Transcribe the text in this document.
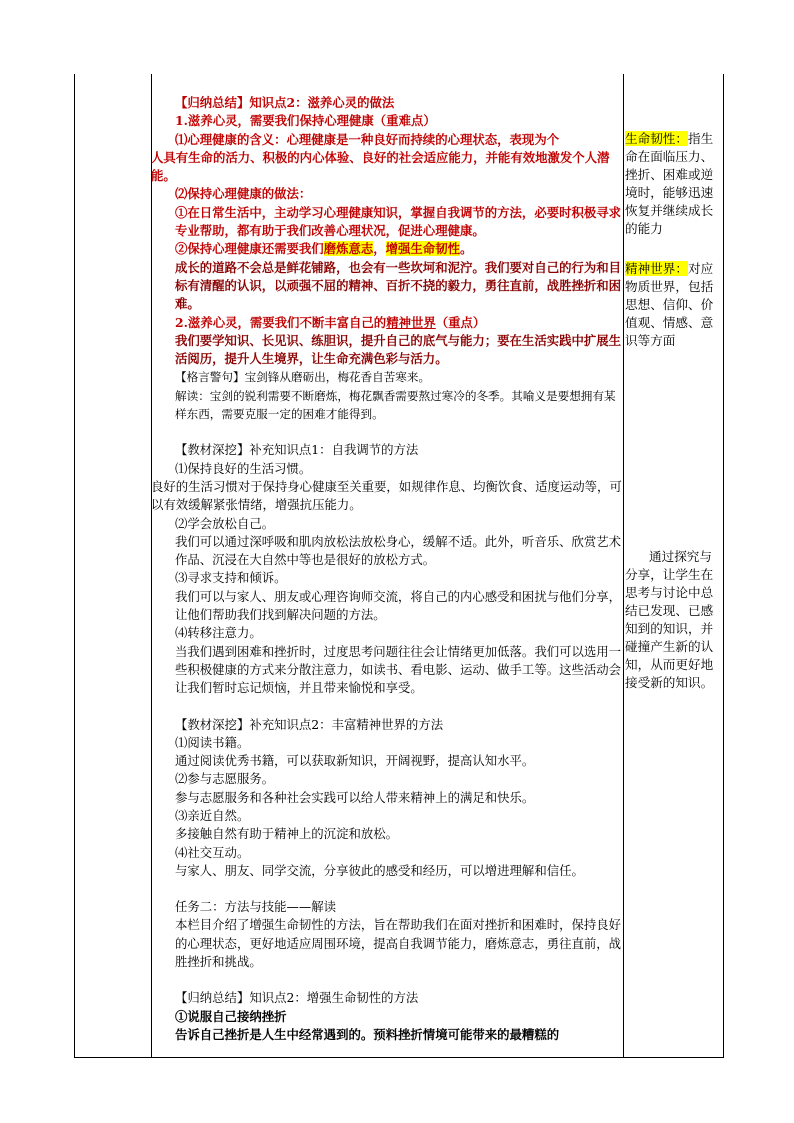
【归纳总结】知识点2：滋养心灵的做法

1.滋养心灵，需要我们保持心理健康（重难点）

⑴心理健康的含义：心理健康是一种良好而持续的心理状态，表现为个

人具有生命的活力、积极的内心体验、良好的社会适应能力，并能有效地激发个人潜能。

⑵保持心理健康的做法：

①在日常生活中，主动学习心理健康知识，掌握自我调节的方法，必要时积极寻求专业帮助，都有助于我们改善心理状况，促进心理健康。

②保持心理健康还需要我们磨炼意志，增强生命韧性。

成长的道路不会总是鲜花铺路，也会有一些坎坷和泥泞。我们要对自己的行为和目标有清醒的认识，以顽强不屈的精神、百折不挠的毅力，勇往直前，战胜挫折和困难。

2.滋养心灵，需要我们不断丰富自己的精神世界（重点）

我们要学知识、长见识、练胆识，提升自己的底气与能力；要在生活实践中扩展生活阅历，提升人生境界，让生命充满色彩与活力。

【格言警句】宝剑锋从磨砺出，梅花香自苦寒来。

解读：宝剑的锐利需要不断磨炼，梅花飘香需要熬过寒冷的冬季。其喻义是要想拥有某样东西，需要克服一定的困难才能得到。

【教材深挖】补充知识点1：自我调节的方法

⑴保持良好的生活习惯。

良好的生活习惯对于保持身心健康至关重要，如规律作息、均衡饮食、适度运动等，可以有效缓解紧张情绪，增强抗压能力。

⑵学会放松自己。

我们可以通过深呼吸和肌肉放松法放松身心，缓解不适。此外，听音乐、欣赏艺术作品、沉浸在大自然中等也是很好的放松方式。

⑶寻求支持和倾诉。

我们可以与家人、朋友或心理咨询师交流，将自己的内心感受和困扰与他们分享，让他们帮助我们找到解决问题的方法。

⑷转移注意力。

当我们遇到困难和挫折时，过度思考问题往往会让情绪更加低落。我们可以选用一些积极健康的方式来分散注意力，如读书、看电影、运动、做手工等。这些活动会让我们暂时忘记烦恼，并且带来愉悦和享受。

【教材深挖】补充知识点2：丰富精神世界的方法

⑴阅读书籍。

通过阅读优秀书籍，可以获取新知识，开阔视野，提高认知水平。

⑵参与志愿服务。

参与志愿服务和各种社会实践可以给人带来精神上的满足和快乐。

⑶亲近自然。

多接触自然有助于精神上的沉淀和放松。

⑷社交互动。

与家人、朋友、同学交流，分享彼此的感受和经历，可以增进理解和信任。

任务二：方法与技能——解读

本栏目介绍了增强生命韧性的方法，旨在帮助我们在面对挫折和困难时，保持良好的心理状态，更好地适应周围环境，提高自我调节能力，磨炼意志，勇往直前，战胜挫折和挑战。

【归纳总结】知识点2：增强生命韧性的方法

①说服自己接纳挫折

告诉自己挫折是人生中经常遇到的。预料挫折情境可能带来的最糟糕的

生命韧性：指生命在面临压力、挫折、困难或逆境时，能够迅速恢复并继续成长的能力
精神世界：对应物质世界，包括思想、信仰、价值观、情感、意识等方面
通过探究与分享，让学生在思考与讨论中总结已发现、已感知到的知识，并碰撞产生新的认知，从而更好地接受新的知识。
